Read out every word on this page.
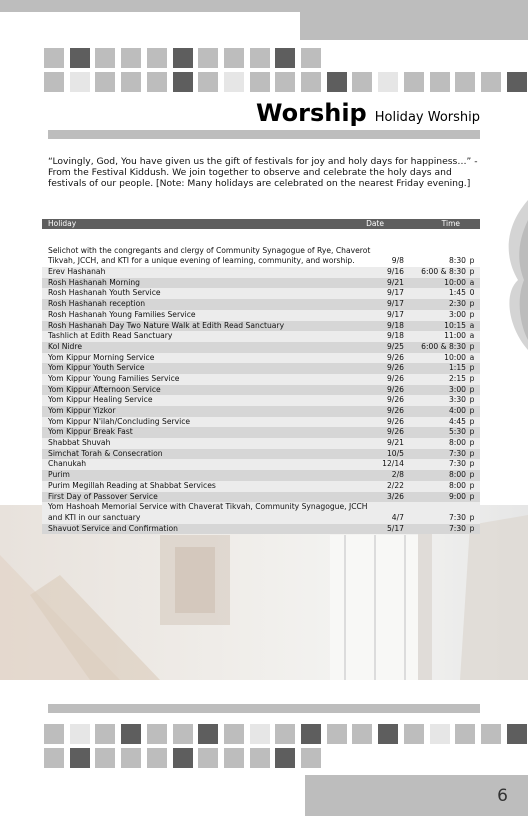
Worship Holiday Worship
“Lovingly, God, You have given us the gift of festivals for joy and holy days for happiness…” - From the Festival Kiddush. We join together to observe and celebrate the holy days and festivals of our people. [Note: Many holidays are celebrated on the nearest Friday evening.]
Holiday	Date	Time
Selichot with the congregants and clergy of Community Synagogue of Rye, Chaverot Tikvah, JCCH, and KTI for a unique evening of learning, community, and worship.	9/8	8:30 p
Erev Hashanah	9/16	6:00 & 8:30 p
Rosh Hashanah Morning	9/21	10:00 a
Rosh Hashanah Youth Service	9/17	1:45 0
Rosh Hashanah reception	9/17	2:30 p
Rosh Hashanah Young Families Service	9/17	3:00 p
Rosh Hashanah Day Two Nature Walk at Edith Read Sanctuary	9/18	10:15 a
Tashlich at Edith Read Sanctuary	9/18	11:00 a
Kol Nidre	9/25	6:00 & 8:30 p
Yom Kippur Morning Service	9/26	10:00 a
Yom Kippur Youth Service	9/26	1:15 p
Yom Kippur Young Families Service	9/26	2:15 p
Yom Kippur Afternoon Service	9/26	3:00 p
Yom Kippur Healing Service	9/26	3:30 p
Yom Kippur Yizkor	9/26	4:00 p
Yom Kippur N'ilah/Concluding Service	9/26	4:45 p
Yom Kippur Break Fast	9/26	5:30 p
Shabbat Shuvah	9/21	8:00 p
Simchat Torah & Consecration	10/5	7:30 p
Chanukah	12/14	7:30 p
Purim	2/8	8:00 p
Purim Megillah Reading at Shabbat Services	2/22	8:00 p
First Day of Passover Service	3/26	9:00 p
Yom Hashoah Memorial Service with Chaverat Tikvah, Community Synagogue, JCCH and KTI in our sanctuary	4/7	7:30 p
Shavuot Service and Confirmation	5/17	7:30 p
6
